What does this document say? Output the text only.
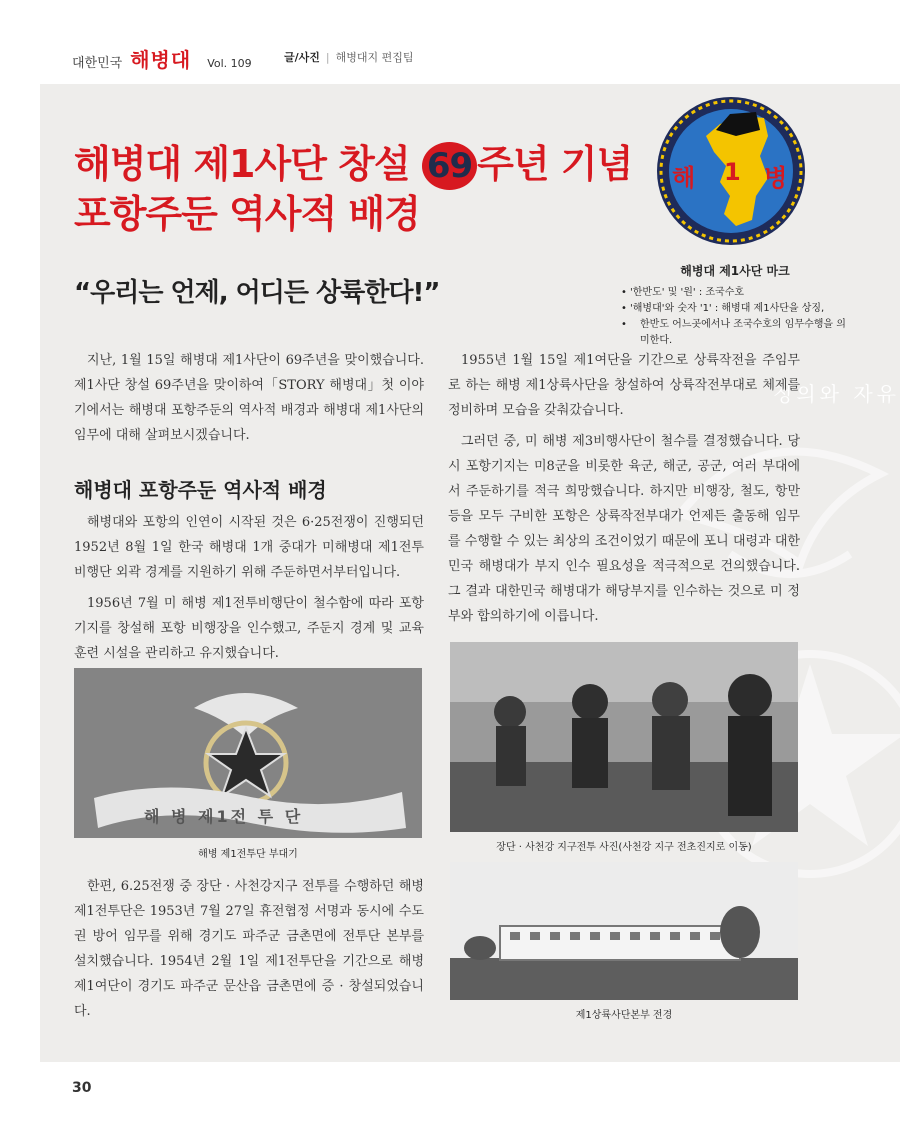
대한민국 해병대 Vol. 109	글/사진 | 해병대지 편집팀
정의와 자유
해병대 제1사단 창설 69 주년 기념
포항주둔 역사적 배경
“우리는 언제, 어디든 상륙한다!”
해 1 병
해병대 제1사단 마크
• '한반도' 및 '원' : 조국수호
• '해병대'와 숫자 '1' : 해병대 제1사단을 상징,
• 한반도 어느곳에서나 조국수호의 임무수행을 의미한다.

지난, 1월 15일 해병대 제1사단이 69주년을 맞이했습니다. 제1사단 창설 69주년을 맞이하여「STORY 해병대」첫 이야기에서는 해병대 포항주둔의 역사적 배경과 해병대 제1사단의 임무에 대해 살펴보시겠습니다.

해병대 포항주둔 역사적 배경

해병대와 포항의 인연이 시작된 것은 6·25전쟁이 진행되던 1952년 8월 1일 한국 해병대 1개 중대가 미해병대 제1전투비행단 외곽 경계를 지원하기 위해 주둔하면서부터입니다.

1956년 7월 미 해병 제1전투비행단이 철수함에 따라 포항기지를 창설해 포항 비행장을 인수했고, 주둔지 경계 및 교육훈련 시설을 관리하고 유지했습니다.

해 병 제1전 투 단
해병 제1전투단 부대기

한편, 6.25전쟁 중 장단 · 사천강지구 전투를 수행하던 해병 제1전투단은 1953년 7월 27일 휴전협정 서명과 동시에 수도권 방어 임무를 위해 경기도 파주군 금촌면에 전투단 본부를 설치했습니다. 1954년 2월 1일 제1전투단을 기간으로 해병 제1여단이 경기도 파주군 문산읍 금촌면에 증 · 창설되었습니다.

1955년 1월 15일 제1여단을 기간으로 상륙작전을 주임무로 하는 해병 제1상륙사단을 창설하여 상륙작전부대로 체제를 정비하며 모습을 갖춰갔습니다.

그러던 중, 미 해병 제3비행사단이 철수를 결정했습니다. 당시 포항기지는 미8군을 비롯한 육군, 해군, 공군, 여러 부대에서 주둔하기를 적극 희망했습니다. 하지만 비행장, 철도, 항만 등을 모두 구비한 포항은 상륙작전부대가 언제든 출동해 임무를 수행할 수 있는 최상의 조건이었기 때문에 포니 대령과 대한민국 해병대가 부지 인수 필요성을 적극적으로 건의했습니다. 그 결과 대한민국 해병대가 해당부지를 인수하는 것으로 미 정부와 합의하기에 이릅니다.

장단 · 사천강 지구전투 사진(사천강 지구 전초진지로 이동)
제1상륙사단본부 전경
30
